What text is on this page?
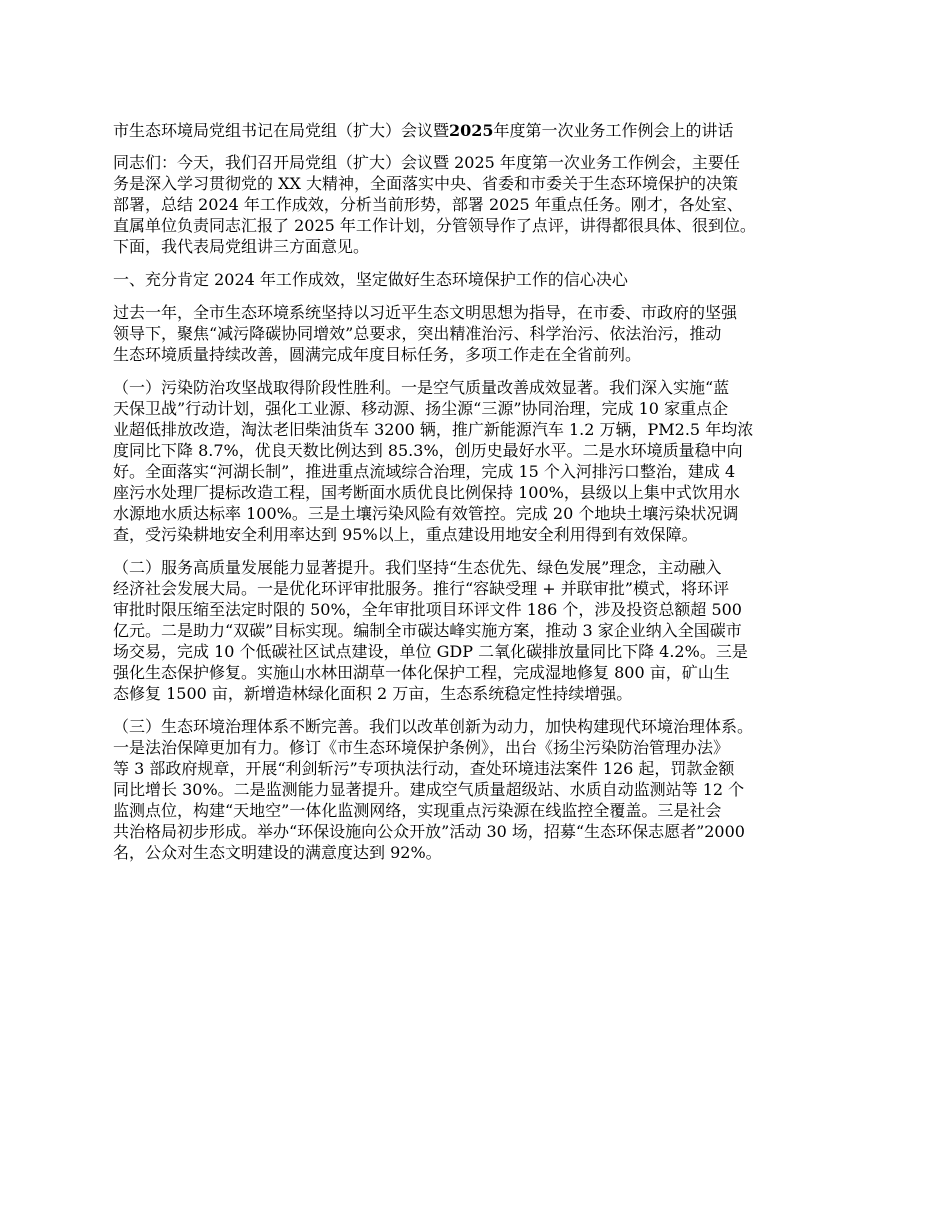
市生态环境局党组书记在局党组（扩大）会议暨2025年度第一次业务工作例会上的讲话

同志们：今天，我们召开局党组（扩大）会议暨 2025 年度第一次业务工作例会，主要任
务是深入学习贯彻党的 XX 大精神，全面落实中央、省委和市委关于生态环境保护的决策
部署，总结 2024 年工作成效，分析当前形势，部署 2025 年重点任务。刚才，各处室、
直属单位负责同志汇报了 2025 年工作计划，分管领导作了点评，讲得都很具体、很到位。
下面，我代表局党组讲三方面意见。

一、充分肯定 2024 年工作成效，坚定做好生态环境保护工作的信心决心

过去一年，全市生态环境系统坚持以习近平生态文明思想为指导，在市委、市政府的坚强
领导下，聚焦“减污降碳协同增效”总要求，突出精准治污、科学治污、依法治污，推动
生态环境质量持续改善，圆满完成年度目标任务，多项工作走在全省前列。

（一）污染防治攻坚战取得阶段性胜利。一是空气质量改善成效显著。我们深入实施“蓝
天保卫战”行动计划，强化工业源、移动源、扬尘源“三源”协同治理，完成 10 家重点企
业超低排放改造，淘汰老旧柴油货车 3200 辆，推广新能源汽车 1.2 万辆，PM2.5 年均浓
度同比下降 8.7%，优良天数比例达到 85.3%，创历史最好水平。二是水环境质量稳中向
好。全面落实“河湖长制”，推进重点流域综合治理，完成 15 个入河排污口整治，建成 4
座污水处理厂提标改造工程，国考断面水质优良比例保持 100%，县级以上集中式饮用水
水源地水质达标率 100%。三是土壤污染风险有效管控。完成 20 个地块土壤污染状况调
查，受污染耕地安全利用率达到 95%以上，重点建设用地安全利用得到有效保障。

（二）服务高质量发展能力显著提升。我们坚持“生态优先、绿色发展”理念，主动融入
经济社会发展大局。一是优化环评审批服务。推行“容缺受理 + 并联审批”模式，将环评
审批时限压缩至法定时限的 50%，全年审批项目环评文件 186 个，涉及投资总额超 500
亿元。二是助力“双碳”目标实现。编制全市碳达峰实施方案，推动 3 家企业纳入全国碳市
场交易，完成 10 个低碳社区试点建设，单位 GDP 二氧化碳排放量同比下降 4.2%。三是
强化生态保护修复。实施山水林田湖草一体化保护工程，完成湿地修复 800 亩，矿山生
态修复 1500 亩，新增造林绿化面积 2 万亩，生态系统稳定性持续增强。

（三）生态环境治理体系不断完善。我们以改革创新为动力，加快构建现代环境治理体系。
一是法治保障更加有力。修订《市生态环境保护条例》，出台《扬尘污染防治管理办法》
等 3 部政府规章，开展“利剑斩污”专项执法行动，查处环境违法案件 126 起，罚款金额
同比增长 30%。二是监测能力显著提升。建成空气质量超级站、水质自动监测站等 12 个
监测点位，构建“天地空”一体化监测网络，实现重点污染源在线监控全覆盖。三是社会
共治格局初步形成。举办“环保设施向公众开放”活动 30 场，招募“生态环保志愿者”2000
名，公众对生态文明建设的满意度达到 92%。
